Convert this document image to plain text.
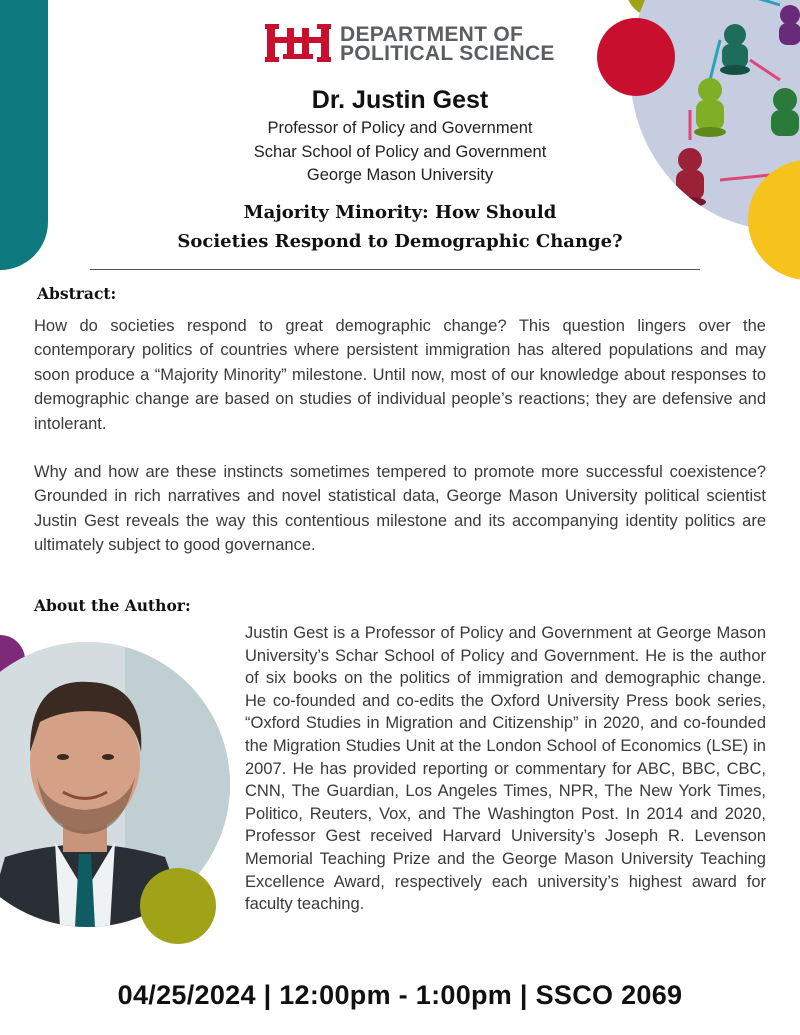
DEPARTMENT OF
POLITICAL SCIENCE
Dr. Justin Gest
Professor of Policy and Government
Schar School of Policy and Government
George Mason University
Majority Minority: How Should
Societies Respond to Demographic Change?
Abstract:
How do societies respond to great demographic change? This question lingers over the contemporary politics of countries where persistent immigration has altered populations and may soon produce a “Majority Minority” milestone. Until now, most of our knowledge about responses to demographic change are based on studies of individual people’s reactions; they are defensive and intolerant.
Why and how are these instincts sometimes tempered to promote more successful coexistence? Grounded in rich narratives and novel statistical data, George Mason University political scientist Justin Gest reveals the way this contentious milestone and its accompanying identity politics are ultimately subject to good governance.
About the Author:
Justin Gest is a Professor of Policy and Government at George Mason University’s Schar School of Policy and Government. He is the author of six books on the politics of immigration and demographic change. He co-founded and co-edits the Oxford University Press book series, “Oxford Studies in Migration and Citizenship” in 2020, and co-founded the Migration Studies Unit at the London School of Economics (LSE) in 2007. He has provided reporting or commentary for ABC, BBC, CBC, CNN, The Guardian, Los Angeles Times, NPR, The New York Times, Politico, Reuters, Vox, and The Washington Post. In 2014 and 2020, Professor Gest received Harvard University’s Joseph R. Levenson Memorial Teaching Prize and the George Mason University Teaching Excellence Award, respectively each university’s highest award for faculty teaching.
04/25/2024 | 12:00pm - 1:00pm | SSCO 2069
